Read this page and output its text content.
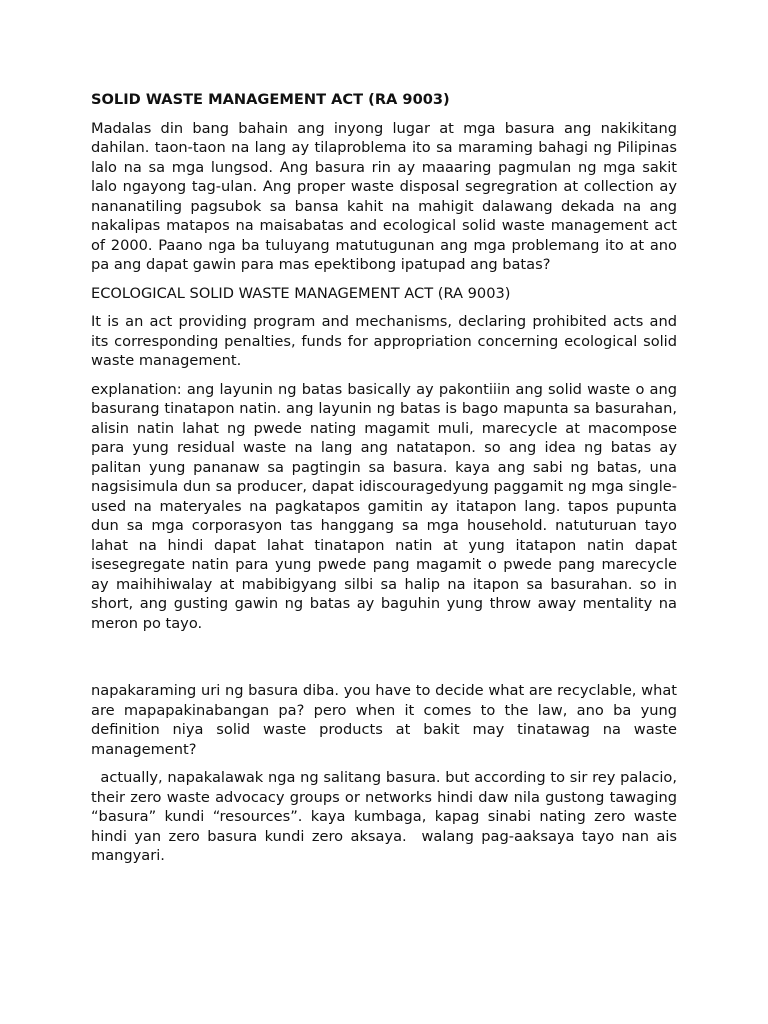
SOLID WASTE MANAGEMENT ACT (RA 9003)

Madalas din bang bahain ang inyong lugar at mga basura ang nakikitang dahilan. taon-taon na lang ay tilaproblema ito sa maraming bahagi ng Pilipinas lalo na sa mga lungsod. Ang basura rin ay maaaring pagmulan ng mga sakit lalo ngayong tag-ulan. Ang proper waste disposal segregration at collection ay nananatiling pagsubok sa bansa kahit na mahigit dalawang dekada na ang nakalipas matapos na maisabatas and ecological solid waste management act of 2000. Paano nga ba tuluyang matutugunan ang mga problemang ito at ano pa ang dapat gawin para mas epektibong ipatupad ang batas?

ECOLOGICAL SOLID WASTE MANAGEMENT ACT (RA 9003)

It is an act providing program and mechanisms, declaring prohibited acts and its corresponding penalties, funds for appropriation concerning ecological solid waste management.

explanation: ang layunin ng batas basically ay pakontiiin ang solid waste o ang basurang tinatapon natin. ang layunin ng batas is bago mapunta sa basurahan, alisin natin lahat ng pwede nating magamit muli, marecycle at macompose para yung residual waste na lang ang natatapon. so ang idea ng batas ay palitan yung pananaw sa pagtingin sa basura. kaya ang sabi ng batas, una nagsisimula dun sa producer, dapat idiscouragedyung paggamit ng mga single-used na materyales na pagkatapos gamitin ay itatapon lang. tapos pupunta dun sa mga corporasyon tas hanggang sa mga household. natuturuan tayo lahat na hindi dapat lahat tinatapon natin at yung itatapon natin dapat isesegregate natin para yung pwede pang magamit o pwede pang marecycle ay maihihiwalay at mabibigyang silbi sa halip na itapon sa basurahan. so in short, ang gusting gawin ng batas ay baguhin yung throw away mentality na meron po tayo.

napakaraming uri ng basura diba. you have to decide what are recyclable, what are mapapakinabangan pa? pero when it comes to the law, ano ba yung definition niya solid waste products at bakit may tinatawag na waste management?

actually, napakalawak nga ng salitang basura. but according to sir rey palacio, their zero waste advocacy groups or networks hindi daw nila gustong tawaging “basura” kundi “resources”. kaya kumbaga, kapag sinabi nating zero waste hindi yan zero basura kundi zero aksaya.  walang pag-aaksaya tayo nan ais mangyari.
